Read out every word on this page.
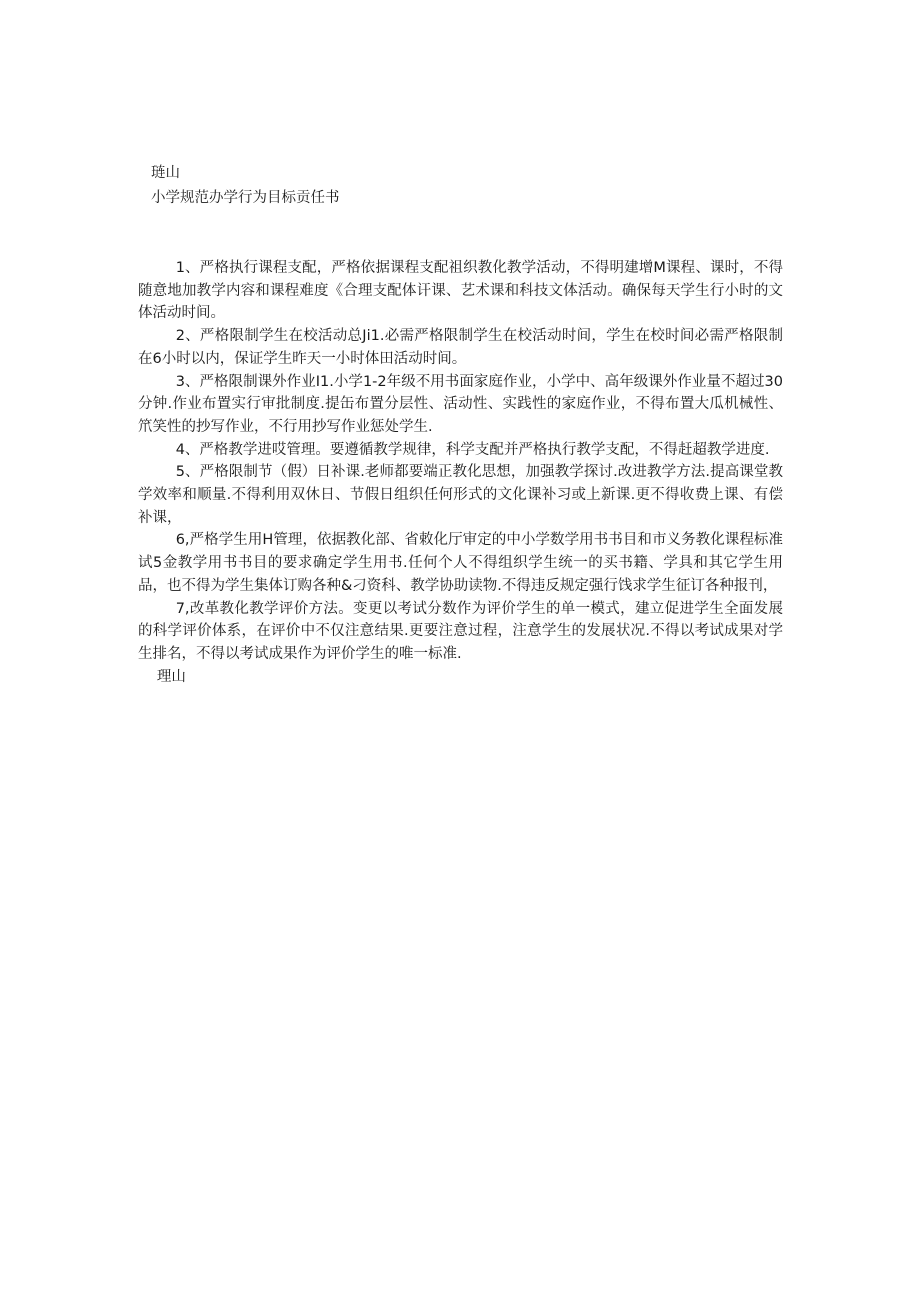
琏山
小学规范办学行为目标贡任书

1、严格执行课程支配，严格依据课程支配祖织教化教学活动，不得明建增M课程、课时，不得随意地加教学内容和课程难度《合理支配体讦课、艺术课和科技文体活动。确保每天学生行小时的文体活动时间。

2、严格限制学生在校活动总Ji1.必需严格限制学生在校活动时间，学生在校时间必需严格限制在6小时以内，保证学生昨天一小时体田活动时间。

3、严格限制课外作业I1.小学1-2年级不用书面家庭作业，小学中、高年级课外作业量不超过30分钟.作业布置实行审批制度.提缶布置分层性、活动性、实践性的家庭作业，不得布置大瓜机械性、笊笑性的抄写作业，不行用抄写作业惩处学生.

4、严格教学进哎管理。要遵循教学规律，科学支配并严格执行教学支配，不得赶超教学进度.

5、严格限制节（假）日补课.老师都要端正教化思想，加强教学探讨.改进教学方法.提高课堂教学效率和顺量.不得利用双休日、节假日组织任何形式的文化课补习或上新课.更不得收费上课、有偿补课，

6,严格学生用H管理，依据教化部、省敕化厅审定的中小学数学用书书目和市义务教化课程标准试5金教学用书书目的要求确定学生用书.任何个人不得组织学生统一的买书籍、学具和其它学生用品，也不得为学生集体订购各种&刁资科、教学协助读物.不得违反规定强行饯求学生征订各种报刊，

7,改革教化教学评价方法。变更以考试分数作为评价学生的单一模式，建立促进学生全面发展的科学评价体系，在评价中不仅注意结果.更要注意过程，注意学生的发展状况.不得以考试成果对学生排名，不得以考试成果作为评价学生的唯一标准.

理山
